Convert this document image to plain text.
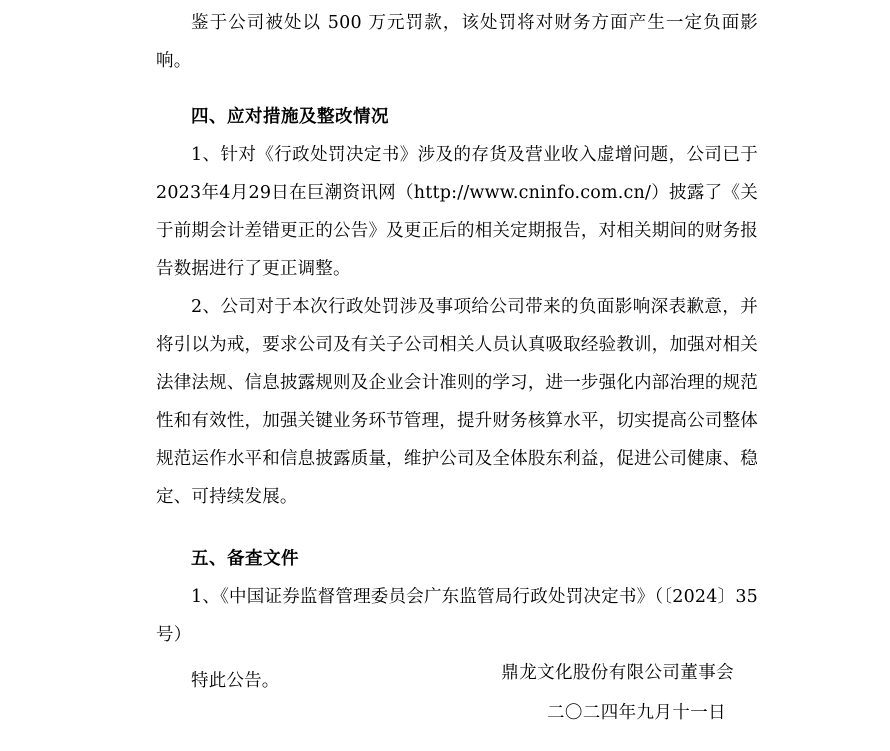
鉴于公司被处以 500 万元罚款，该处罚将对财务方面产生一定负面影响。

四、应对措施及整改情况

1、针对《行政处罚决定书》涉及的存货及营业收入虚增问题，公司已于2023年4月29日在巨潮资讯网（http://www.cninfo.com.cn/）披露了《关于前期会计差错更正的公告》及更正后的相关定期报告，对相关期间的财务报告数据进行了更正调整。

2、公司对于本次行政处罚涉及事项给公司带来的负面影响深表歉意，并将引以为戒，要求公司及有关子公司相关人员认真吸取经验教训，加强对相关法律法规、信息披露规则及企业会计准则的学习，进一步强化内部治理的规范性和有效性，加强关键业务环节管理，提升财务核算水平，切实提高公司整体规范运作水平和信息披露质量，维护公司及全体股东利益，促进公司健康、稳定、可持续发展。

五、备查文件

1、《中国证券监督管理委员会广东监管局行政处罚决定书》（〔2024〕35号）

特此公告。	鼎龙文化股份有限公司董事会
二〇二四年九月十一日
